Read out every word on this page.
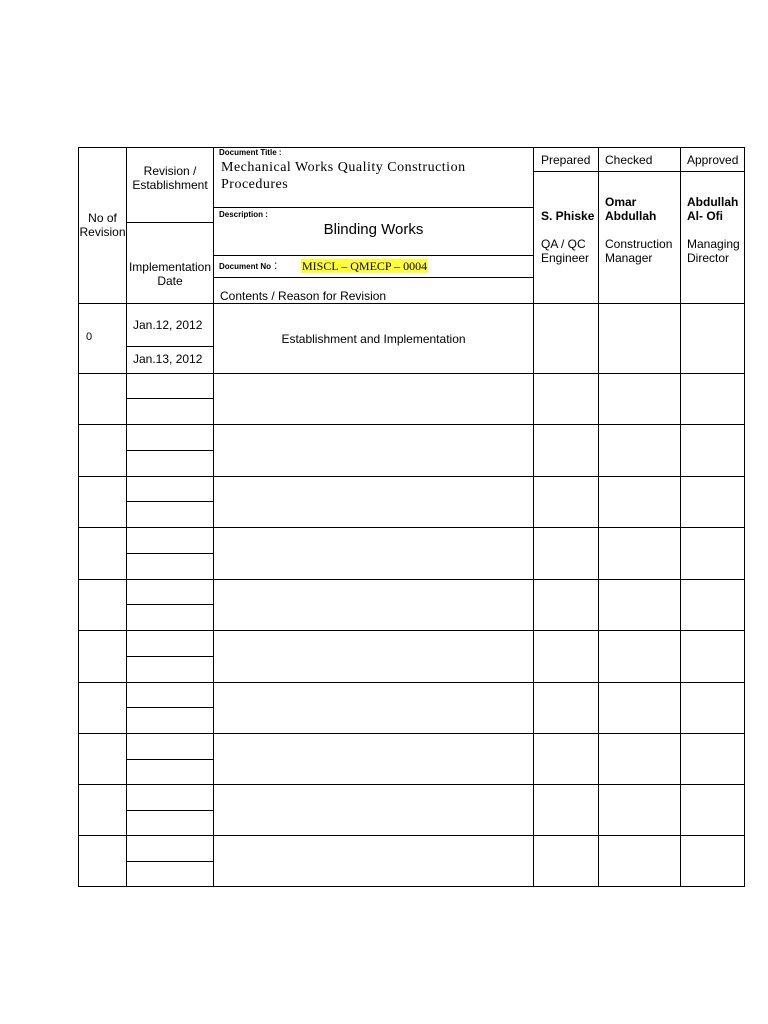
No of
Revision
Revision /
Establishment
Implementation
Date
Document Title :
Mechanical Works Quality Construction
Procedures
Description :
Blinding Works
Document No : MISCL – QMECP – 0004
Contents / Reason for Revision
Prepared
S. Phiske
QA / QC
Engineer
Checked
Omar
Abdullah
Construction
Manager
Approved
Abdullah
Al- Ofi
Managing
Director
0
Jan.12, 2012
Jan.13, 2012
Establishment and Implementation
